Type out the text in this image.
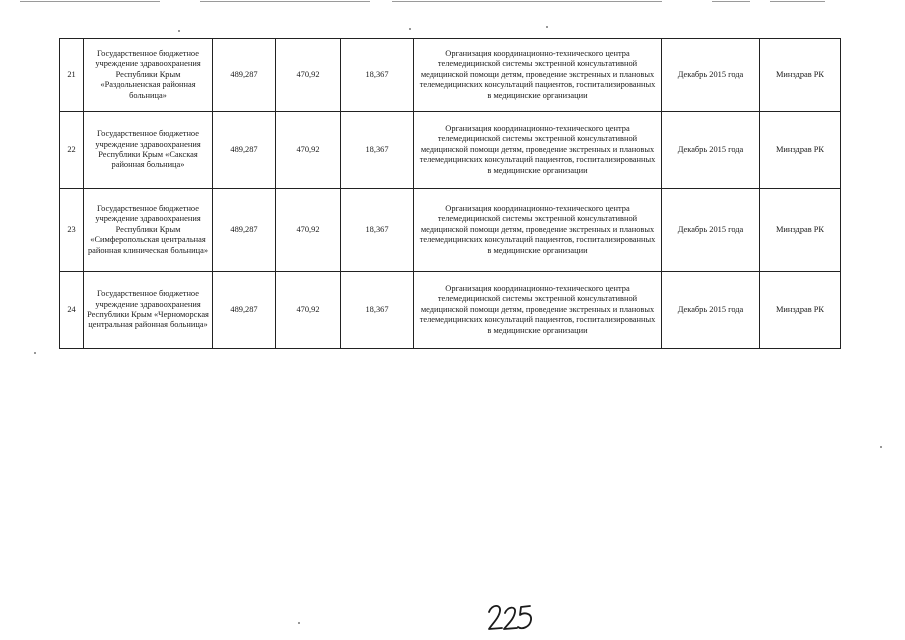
21	Государственное бюджетное учреждение здравоохранения Республики Крым «Раздольненская районная больница»	489,287	470,92	18,367	Организация координационно-технического центра телемедицинской системы экстренной консультативной медицинской помощи детям, проведение экстренных и плановых телемедицинских консультаций пациентов, госпитализированных в медицинские организации	Декабрь 2015 года	Минздрав РК
22	Государственное бюджетное учреждение здравоохранения Республики Крым «Сакская районная больница»	489,287	470,92	18,367	Организация координационно-технического центра телемедицинской системы экстренной консультативной медицинской помощи детям, проведение экстренных и плановых телемедицинских консультаций пациентов, госпитализированных в медицинские организации	Декабрь 2015 года	Минздрав РК
23	Государственное бюджетное учреждение здравоохранения Республики Крым «Симферопольская центральная районная клиническая больница»	489,287	470,92	18,367	Организация координационно-технического центра телемедицинской системы экстренной консультативной медицинской помощи детям, проведение экстренных и плановых телемедицинских консультаций пациентов, госпитализированных в медицинские организации	Декабрь 2015 года	Минздрав РК
24	Государственное бюджетное учреждение здравоохранения Республики Крым «Черноморская центральная районная больница»	489,287	470,92	18,367	Организация координационно-технического центра телемедицинской системы экстренной консультативной медицинской помощи детям, проведение экстренных и плановых телемедицинских консультаций пациентов, госпитализированных в медицинские организации	Декабрь 2015 года	Минздрав РК
